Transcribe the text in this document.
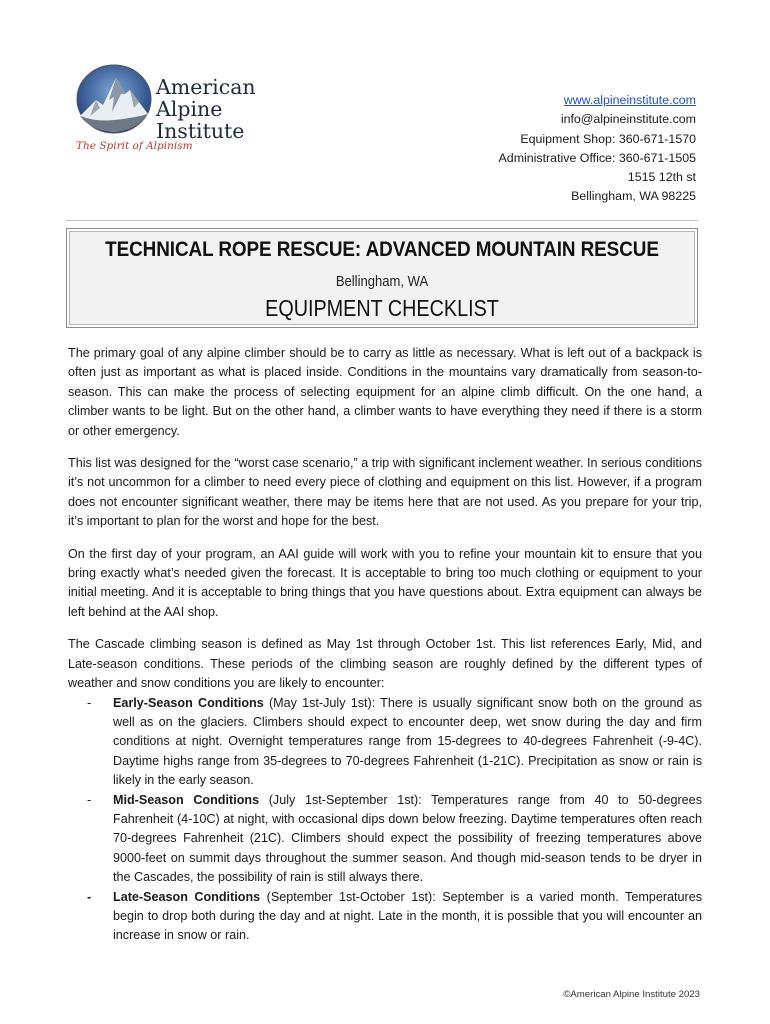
American
Alpine Institute
The Spirit of Alpinism
www.alpineinstitute.com
info@alpineinstitute.com
Equipment Shop: 360-671-1570
Administrative Office: 360-671-1505
1515 12th st
Bellingham, WA 98225
TECHNICAL ROPE RESCUE: ADVANCED MOUNTAIN RESCUE
Bellingham, WA
EQUIPMENT CHECKLIST

The primary goal of any alpine climber should be to carry as little as necessary. What is left out of a backpack is often just as important as what is placed inside. Conditions in the mountains vary dramatically from season-to-season. This can make the process of selecting equipment for an alpine climb difficult. On the one hand, a climber wants to be light. But on the other hand, a climber wants to have everything they need if there is a storm or other emergency.

This list was designed for the “worst case scenario,” a trip with significant inclement weather. In serious conditions it’s not uncommon for a climber to need every piece of clothing and equipment on this list. However, if a program does not encounter significant weather, there may be items here that are not used. As you prepare for your trip, it’s important to plan for the worst and hope for the best.

On the first day of your program, an AAI guide will work with you to refine your mountain kit to ensure that you bring exactly what’s needed given the forecast. It is acceptable to bring too much clothing or equipment to your initial meeting. And it is acceptable to bring things that you have questions about. Extra equipment can always be left behind at the AAI shop.

The Cascade climbing season is defined as May 1st through October 1st. This list references Early, Mid, and Late-season conditions. These periods of the climbing season are roughly defined by the different types of weather and snow conditions you are likely to encounter:

- Early-Season Conditions (May 1st-July 1st): There is usually significant snow both on the ground as well as on the glaciers. Climbers should expect to encounter deep, wet snow during the day and firm conditions at night. Overnight temperatures range from 15-degrees to 40-degrees Fahrenheit (-9-4C). Daytime highs range from 35-degrees to 70-degrees Fahrenheit (1-21C). Precipitation as snow or rain is likely in the early season.
- Mid-Season Conditions (July 1st-September 1st): Temperatures range from 40 to 50-degrees Fahrenheit (4-10C) at night, with occasional dips down below freezing. Daytime temperatures often reach 70-degrees Fahrenheit (21C). Climbers should expect the possibility of freezing temperatures above 9000-feet on summit days throughout the summer season. And though mid-season tends to be dryer in the Cascades, the possibility of rain is still always there.
- Late-Season Conditions (September 1st-October 1st): September is a varied month. Temperatures begin to drop both during the day and at night. Late in the month, it is possible that you will encounter an increase in snow or rain.
©American Alpine Institute 2023
